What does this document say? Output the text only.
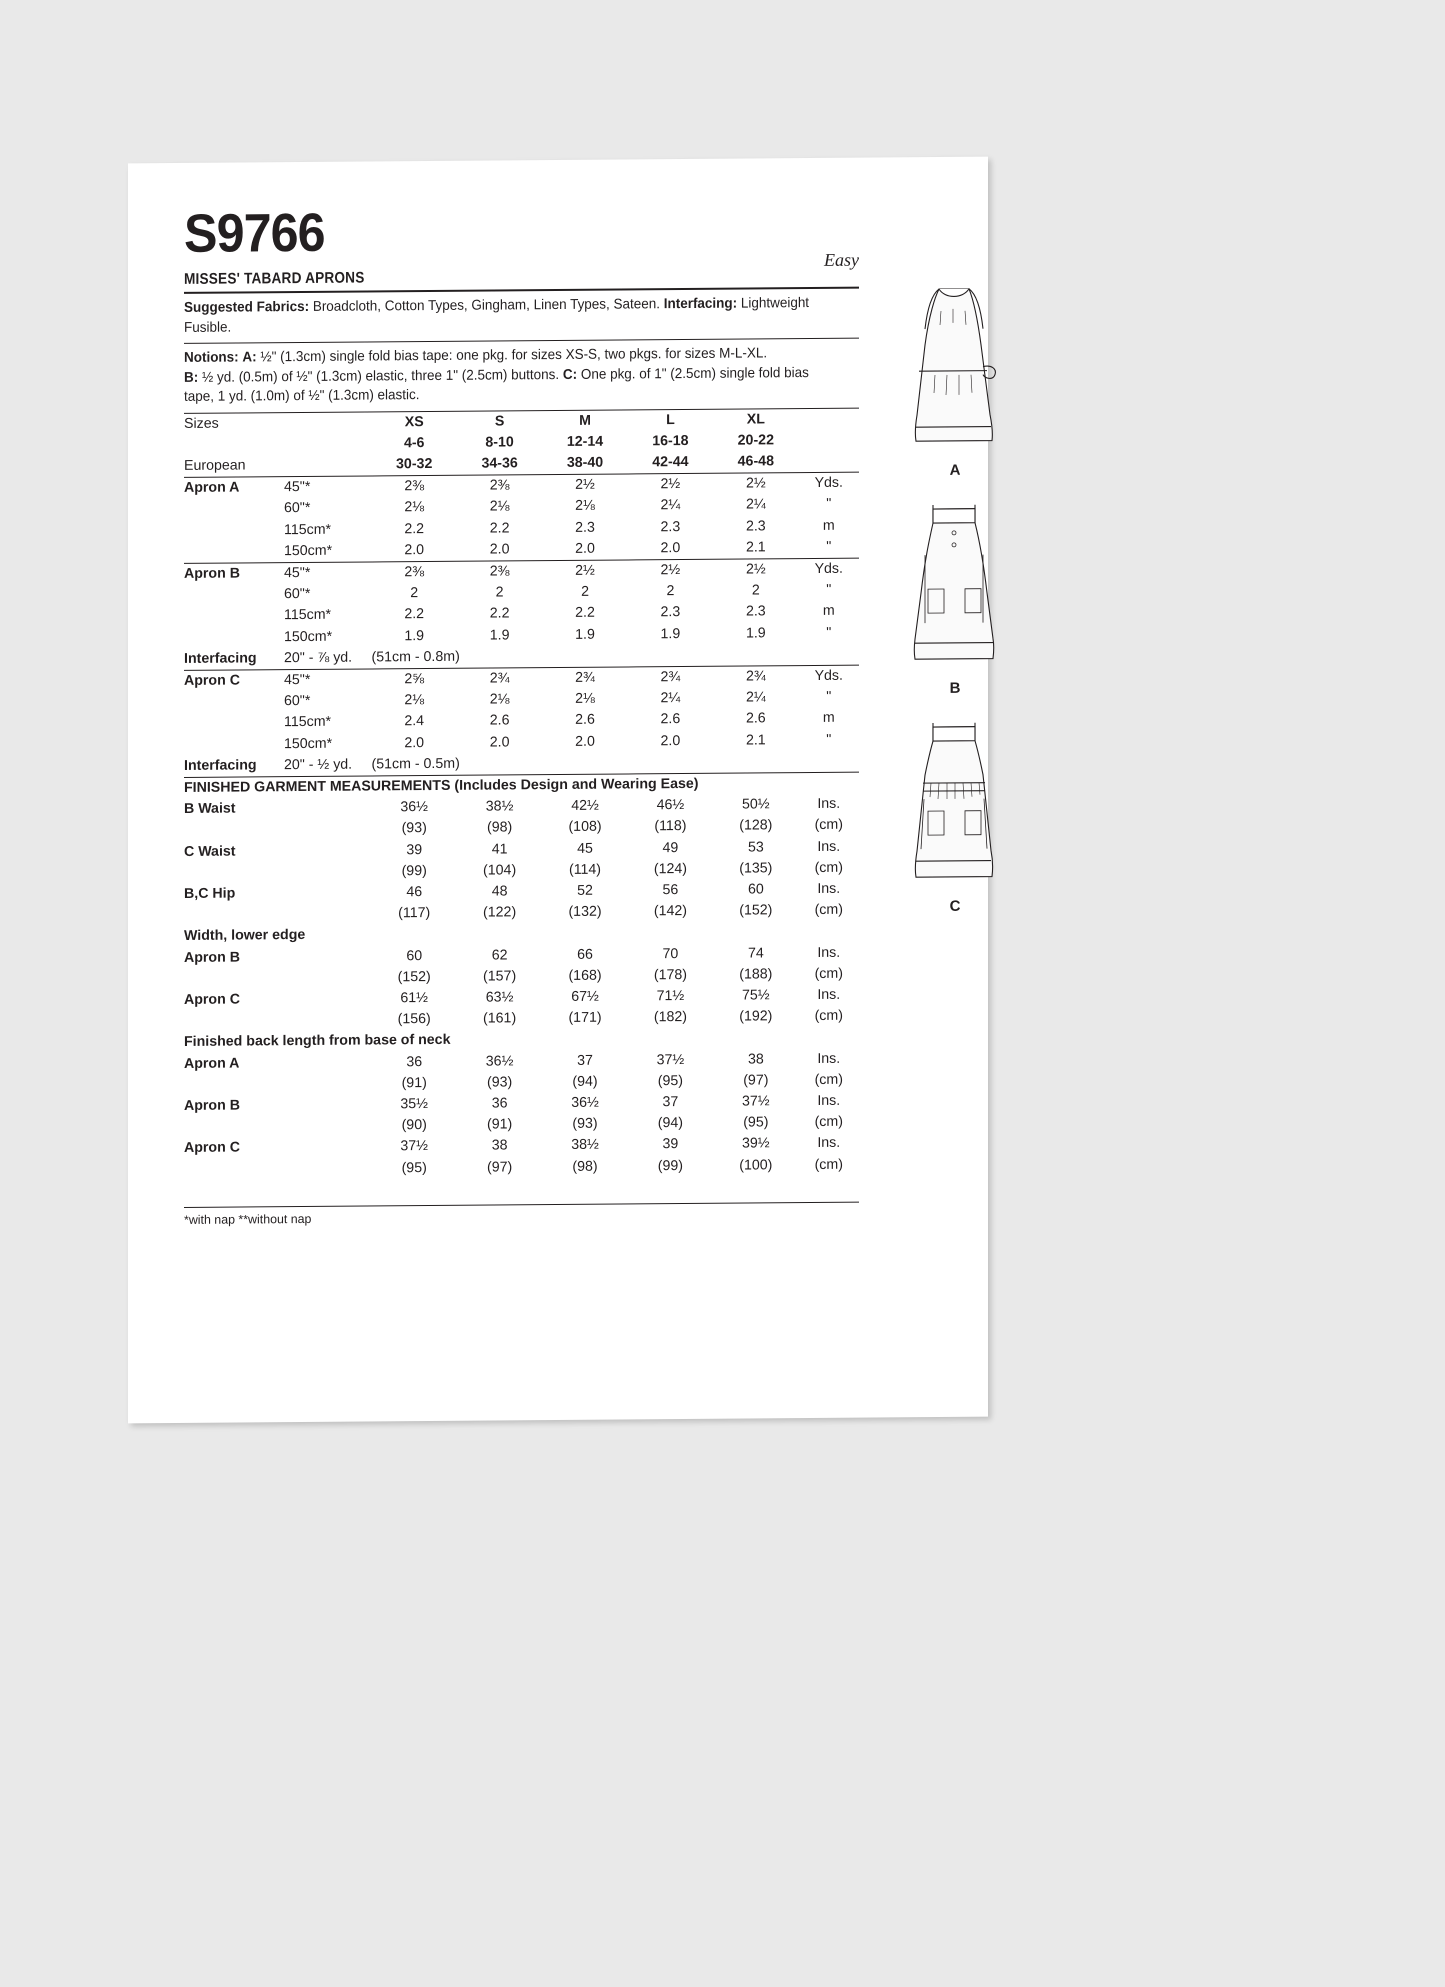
S9766	Easy
MISSES' TABARD APRONS
Suggested Fabrics: Broadcloth, Cotton Types, Gingham, Linen Types, Sateen. Interfacing: Lightweight Fusible.
Notions: A: ½" (1.3cm) single fold bias tape: one pkg. for sizes XS-S, two pkgs. for sizes M-L-XL.
B: ½ yd. (0.5m) of ½" (1.3cm) elastic, three 1" (2.5cm) buttons. C: One pkg. of 1" (2.5cm) single fold bias tape, 1 yd. (1.0m) of ½" (1.3cm) elastic.
Sizes		XS	S	M	L	XL	
		4-6	8-10	12-14	16-18	20-22	
European		30-32	34-36	38-40	42-44	46-48	
Apron A	45"*	2⅜	2⅜	2½	2½	2½	Yds.
	60"*	2⅛	2⅛	2⅛	2¼	2¼	"
	115cm*	2.2	2.2	2.3	2.3	2.3	m
	150cm*	2.0	2.0	2.0	2.0	2.1	"
Apron B	45"*	2⅜	2⅜	2½	2½	2½	Yds.
	60"*	2	2	2	2	2	"
	115cm*	2.2	2.2	2.2	2.3	2.3	m
	150cm*	1.9	1.9	1.9	1.9	1.9	"
Interfacing	20" - ⅞ yd.	(51cm - 0.8m)					
Apron C	45"*	2⅝	2¾	2¾	2¾	2¾	Yds.
	60"*	2⅛	2⅛	2⅛	2¼	2¼	"
	115cm*	2.4	2.6	2.6	2.6	2.6	m
	150cm*	2.0	2.0	2.0	2.0	2.1	"
Interfacing	20" - ½ yd.	(51cm - 0.5m)					
FINISHED GARMENT MEASUREMENTS (Includes Design and Wearing Ease)							
B Waist		36½	38½	42½	46½	50½	Ins.
		(93)	(98)	(108)	(118)	(128)	(cm)
C Waist		39	41	45	49	53	Ins.
		(99)	(104)	(114)	(124)	(135)	(cm)
B,C Hip		46	48	52	56	60	Ins.
		(117)	(122)	(132)	(142)	(152)	(cm)
Width, lower edge							
Apron B		60	62	66	70	74	Ins.
		(152)	(157)	(168)	(178)	(188)	(cm)
Apron C		61½	63½	67½	71½	75½	Ins.
		(156)	(161)	(171)	(182)	(192)	(cm)
Finished back length from base of neck							
Apron A		36	36½	37	37½	38	Ins.
		(91)	(93)	(94)	(95)	(97)	(cm)
Apron B		35½	36	36½	37	37½	Ins.
		(90)	(91)	(93)	(94)	(95)	(cm)
Apron C		37½	38	38½	39	39½	Ins.
		(95)	(97)	(98)	(99)	(100)	(cm)
*with nap **without nap
A
B
C
